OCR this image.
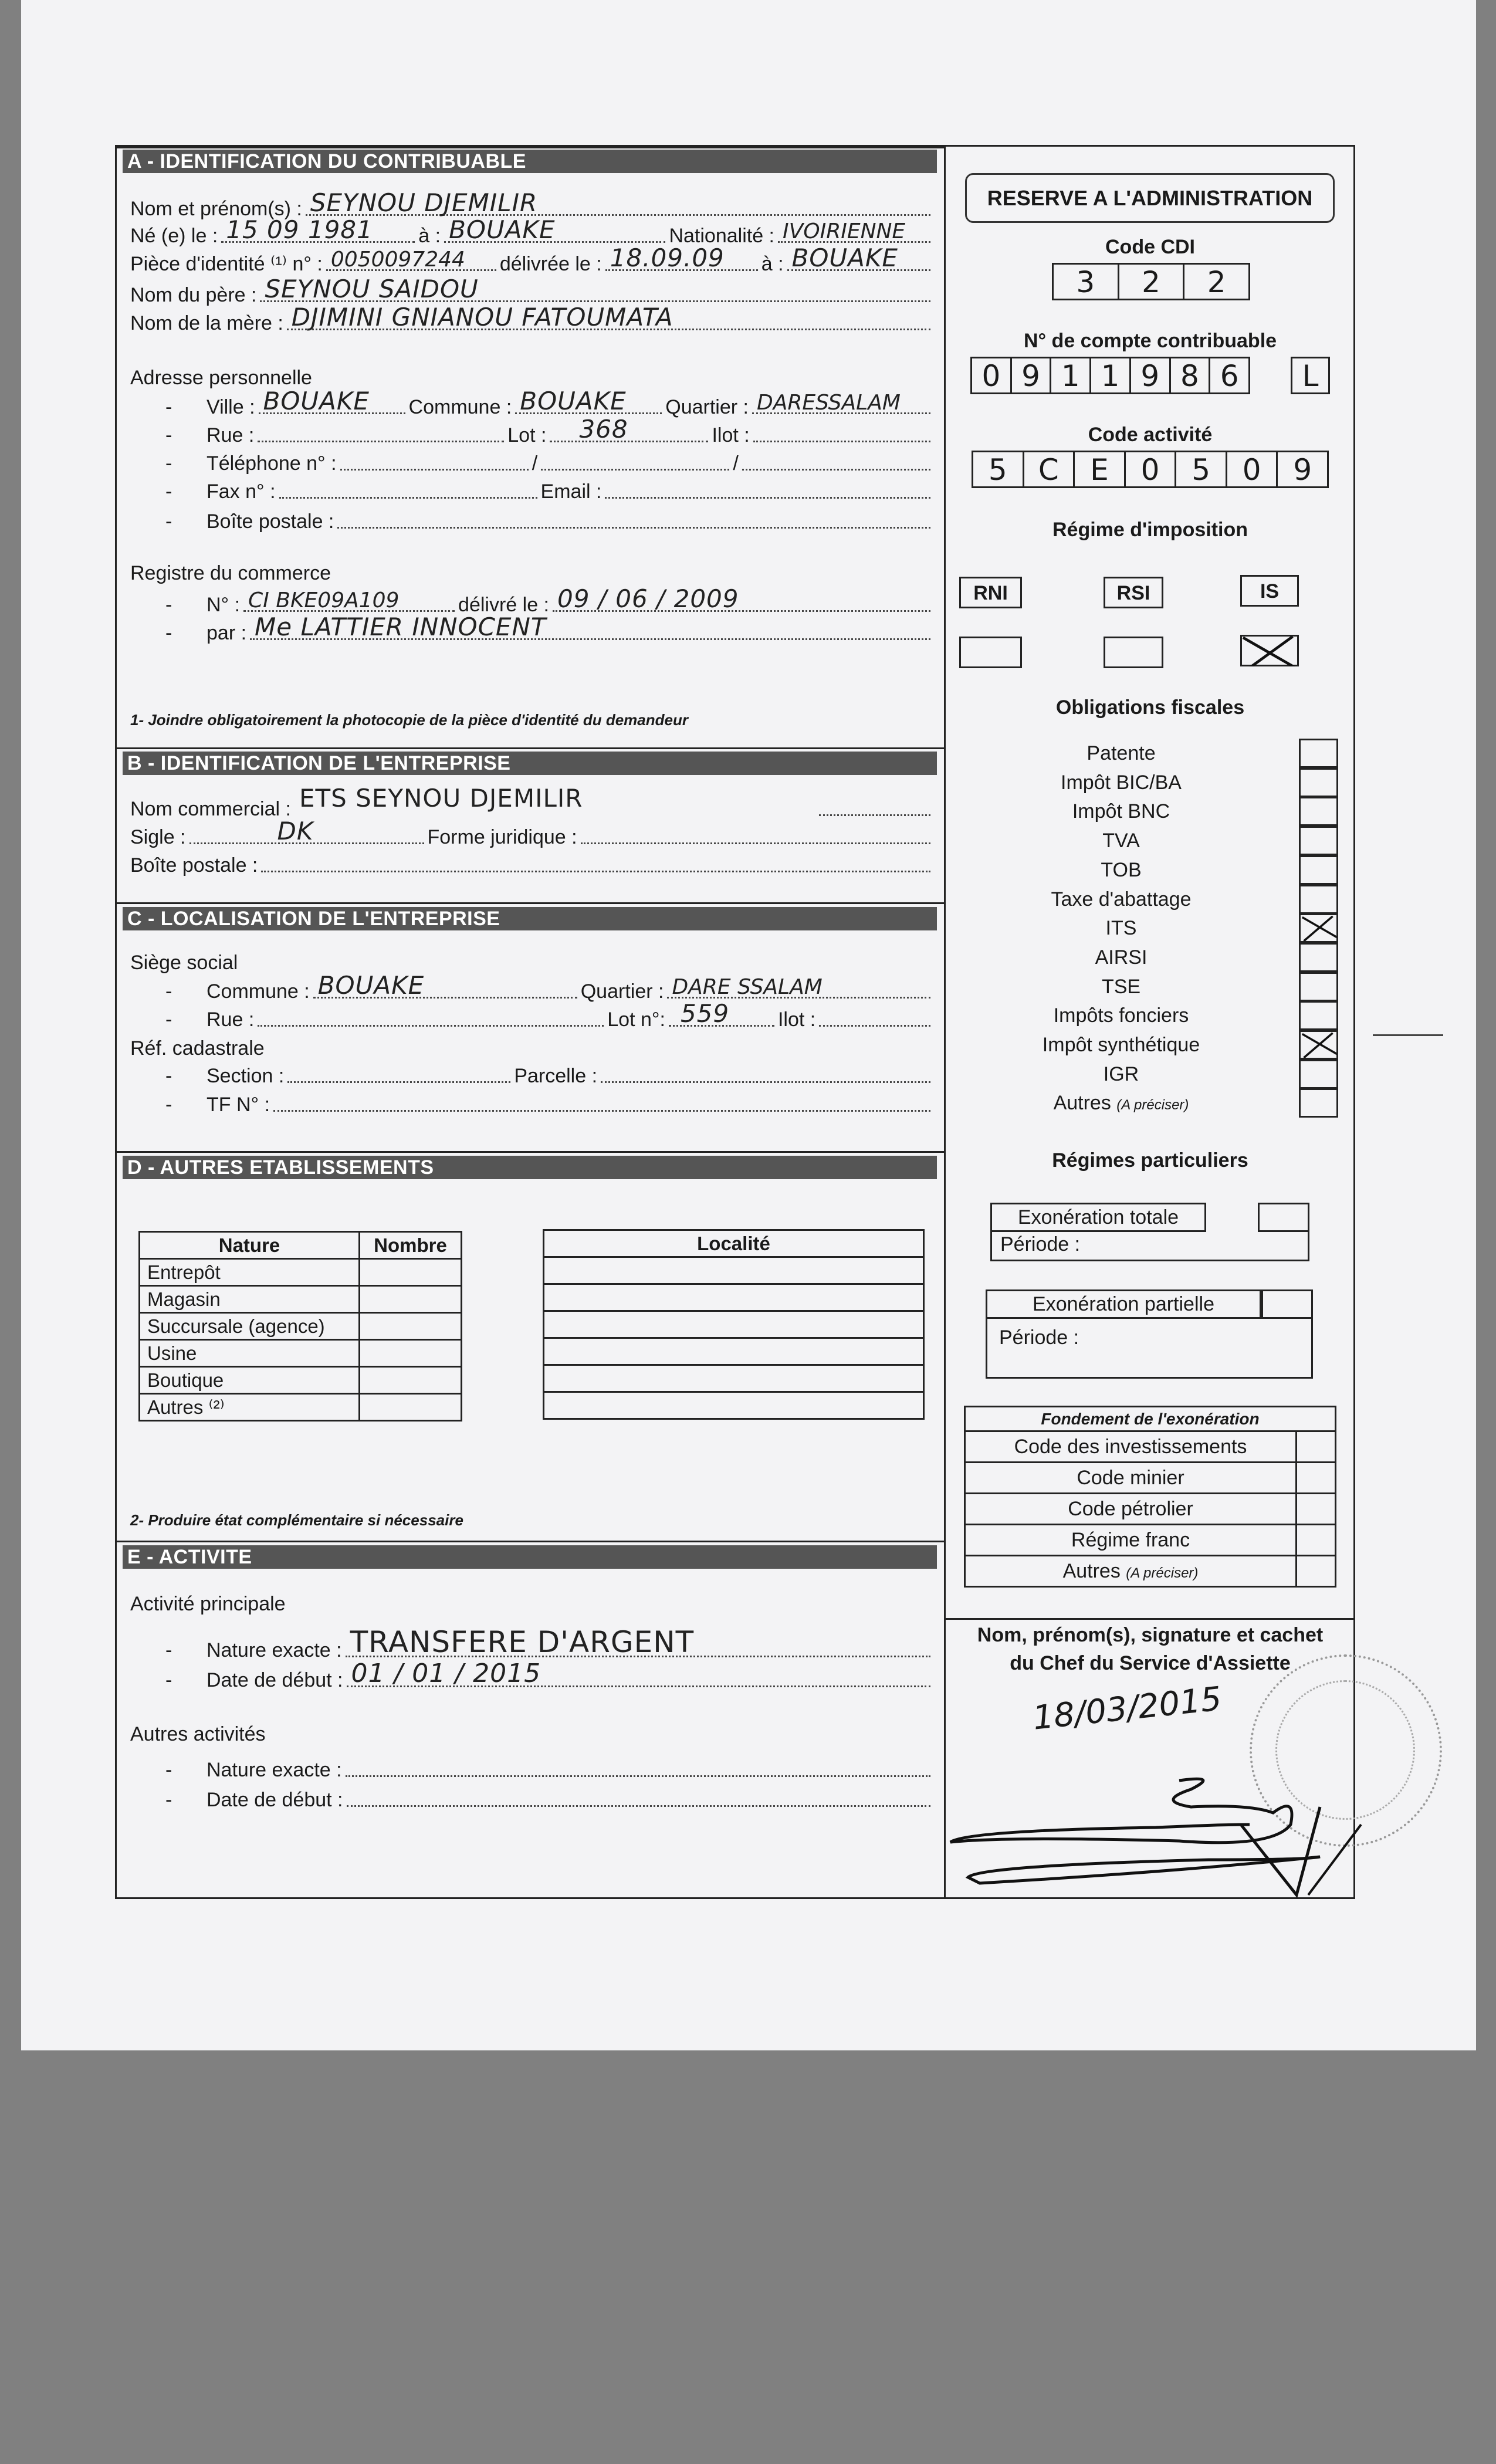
A - IDENTIFICATION DU CONTRIBUABLE
Nom et prénom(s) : SEYNOU DJEMILIR
Né (e) le : 15 09 1981 à : BOUAKE	Nationalité : IVOIRIENNE
Pièce d'identité ⁽¹⁾ n° : 0050097244 délivrée le : 18.09.09 à : BOUAKE
Nom du père : SEYNOU SAIDOU
Nom de la mère : DJIMINI GNIANOU FATOUMATA
Adresse personnelle
- Ville : BOUAKE Commune : BOUAKE Quartier : DARESSALAM
- Rue :	Lot : 368	Ilot :
- Téléphone n° :	/	/
- Fax n° :	Email :
- Boîte postale :
Registre du commerce
- N° : CI BKE09A109	délivré le : 09 / 06 / 2009
- par : Me LATTIER INNOCENT
1- Joindre obligatoirement la photocopie de la pièce d'identité du demandeur
B - IDENTIFICATION DE L'ENTREPRISE
Nom commercial : ETS SEYNOU DJEMILIR
Sigle :	DK	Forme juridique :
Boîte postale :
C - LOCALISATION DE L'ENTREPRISE
Siège social
- Commune : BOUAKE	Quartier : DARE SSALAM
- Rue :	Lot n°: 559 Ilot :
Réf. cadastrale
- Section :	Parcelle :
- TF N° :
D - AUTRES ETABLISSEMENTS
Nature	Nombre
Entrepôt	
Magasin	
Succursale (agence)	
Usine	
Boutique	
Autres ⁽²⁾	
Localité

2- Produire état complémentaire si nécessaire
E - ACTIVITE
Activité principale
- Nature exacte : TRANSFERE D'ARGENT
- Date de début : 01 / 01 / 2015
Autres activités
- Nature exacte :
- Date de début :
RESERVE A L'ADMINISTRATION
Code CDI
3	2	2
N° de compte contribuable
0 9 1 1 9 8 6	L
Code activité
5	C	E	0	5	0	9
Régime d'imposition
RNI	RSI	IS
Obligations fiscales
Patente
Impôt BIC/BA
Impôt BNC
TVA
TOB
Taxe d'abattage
ITS
AIRSI
TSE
Impôts fonciers
Impôt synthétique
IGR
Autres (A préciser)
Régimes particuliers
Période :
Exonération totale
Période :
Exonération partielle
Fondement de l'exonération	
Code des investissements	
Code minier	
Code pétrolier	
Régime franc	
Autres (A préciser)	
Nom, prénom(s), signature et cachet
du Chef du Service d'Assiette
18/03/2015
